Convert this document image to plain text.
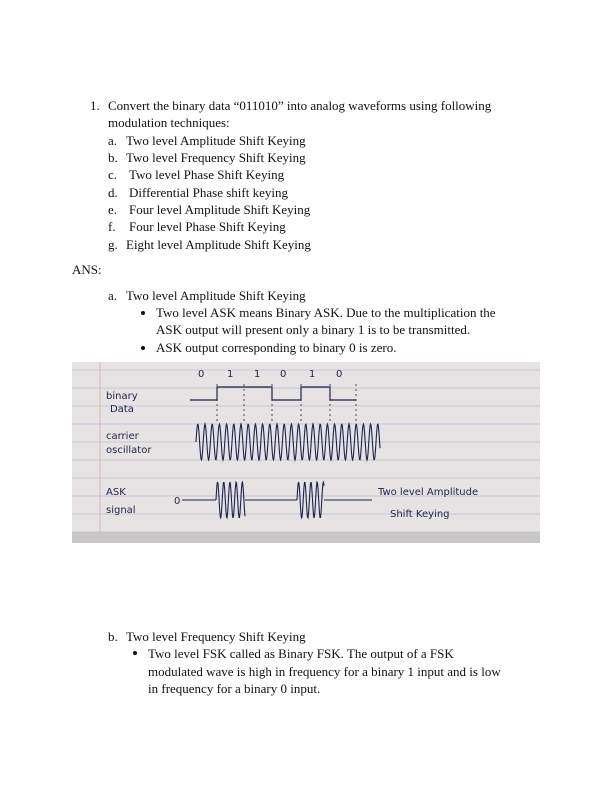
1. Convert the binary data “011010” into analog waveforms using following
modulation techniques:
a. Two level Amplitude Shift Keying
b. Two level Frequency Shift Keying
c. Two level Phase Shift Keying
d. Differential Phase shift keying
e. Four level Amplitude Shift Keying
f. Four level Phase Shift Keying
g. Eight level Amplitude Shift Keying
ANS:
a. Two level Amplitude Shift Keying
Two level ASK means Binary ASK. Due to the multiplication the
ASK output will present only a binary 1 is to be transmitted.
ASK output corresponding to binary 0 is zero.
0 1 1 0 1 0
binary
Data
carrier
oscillator
ASK
signal
0
Two level Amplitude
Shift Keying
b. Two level Frequency Shift Keying
Two level FSK called as Binary FSK. The output of a FSK
modulated wave is high in frequency for a binary 1 input and is low
in frequency for a binary 0 input.
